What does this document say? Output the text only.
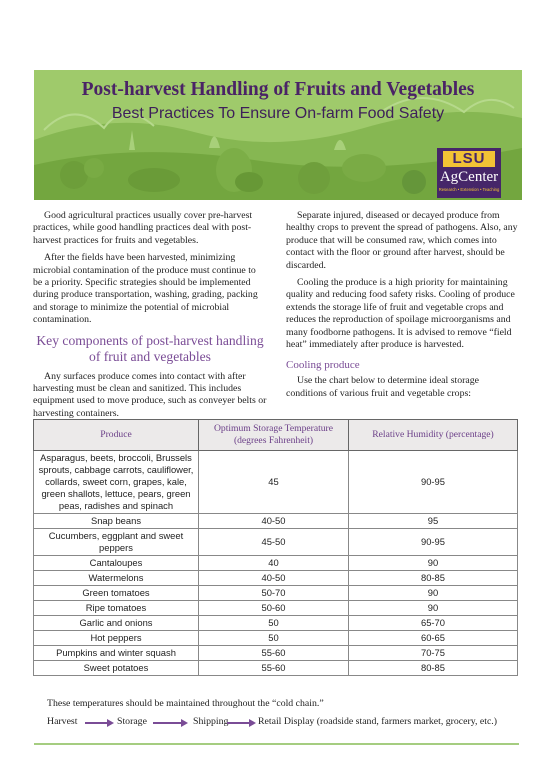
Post-harvest Handling of Fruits and Vegetables
Best Practices To Ensure On-farm Food Safety
LSU
AgCenter
Research • Extension • Teaching

Good agricultural practices usually cover pre-harvest practices, while good handling practices deal with post-harvest practices for fruits and vegetables.

After the fields have been harvested, minimizing microbial contamination of the produce must continue to be a priority. Specific strategies should be implemented during produce transportation, washing, grading, packing and storage to minimize the potential of microbial contamination.

Key components of post-harvest handling of fruit and vegetables

Any surfaces produce comes into contact with after harvesting must be clean and sanitized. This includes equipment used to move produce, such as conveyer belts or harvesting containers.

Separate injured, diseased or decayed produce from healthy crops to prevent the spread of pathogens. Also, any produce that will be consumed raw, which comes into contact with the floor or ground after harvest, should be discarded.

Cooling the produce is a high priority for maintaining quality and reducing food safety risks. Cooling of produce extends the storage life of fruit and vegetable crops and reduces the reproduction of spoilage microorganisms and many foodborne pathogens. It is advised to remove “field heat” immediately after produce is harvested.

Cooling produce

Use the chart below to determine ideal storage conditions of various fruit and vegetable crops:

Produce	Optimum Storage Temperature (degrees Fahrenheit)	Relative Humidity (percentage)
Asparagus, beets, broccoli, Brussels sprouts, cabbage carrots, cauliflower, collards, sweet corn, grapes, kale, green shallots, lettuce, pears, green peas, radishes and spinach	45	90-95
Snap beans	40-50	95
Cucumbers, eggplant and sweet peppers	45-50	90-95
Cantaloupes	40	90
Watermelons	40-50	80-85
Green tomatoes	50-70	90
Ripe tomatoes	50-60	90
Garlic and onions	50	65-70
Hot peppers	50	60-65
Pumpkins and winter squash	55-60	70-75
Sweet potatoes	55-60	80-85
These temperatures should be maintained throughout the “cold chain.”
Harvest	Storage	Shipping	Retail Display (roadside stand, farmers market, grocery, etc.)
